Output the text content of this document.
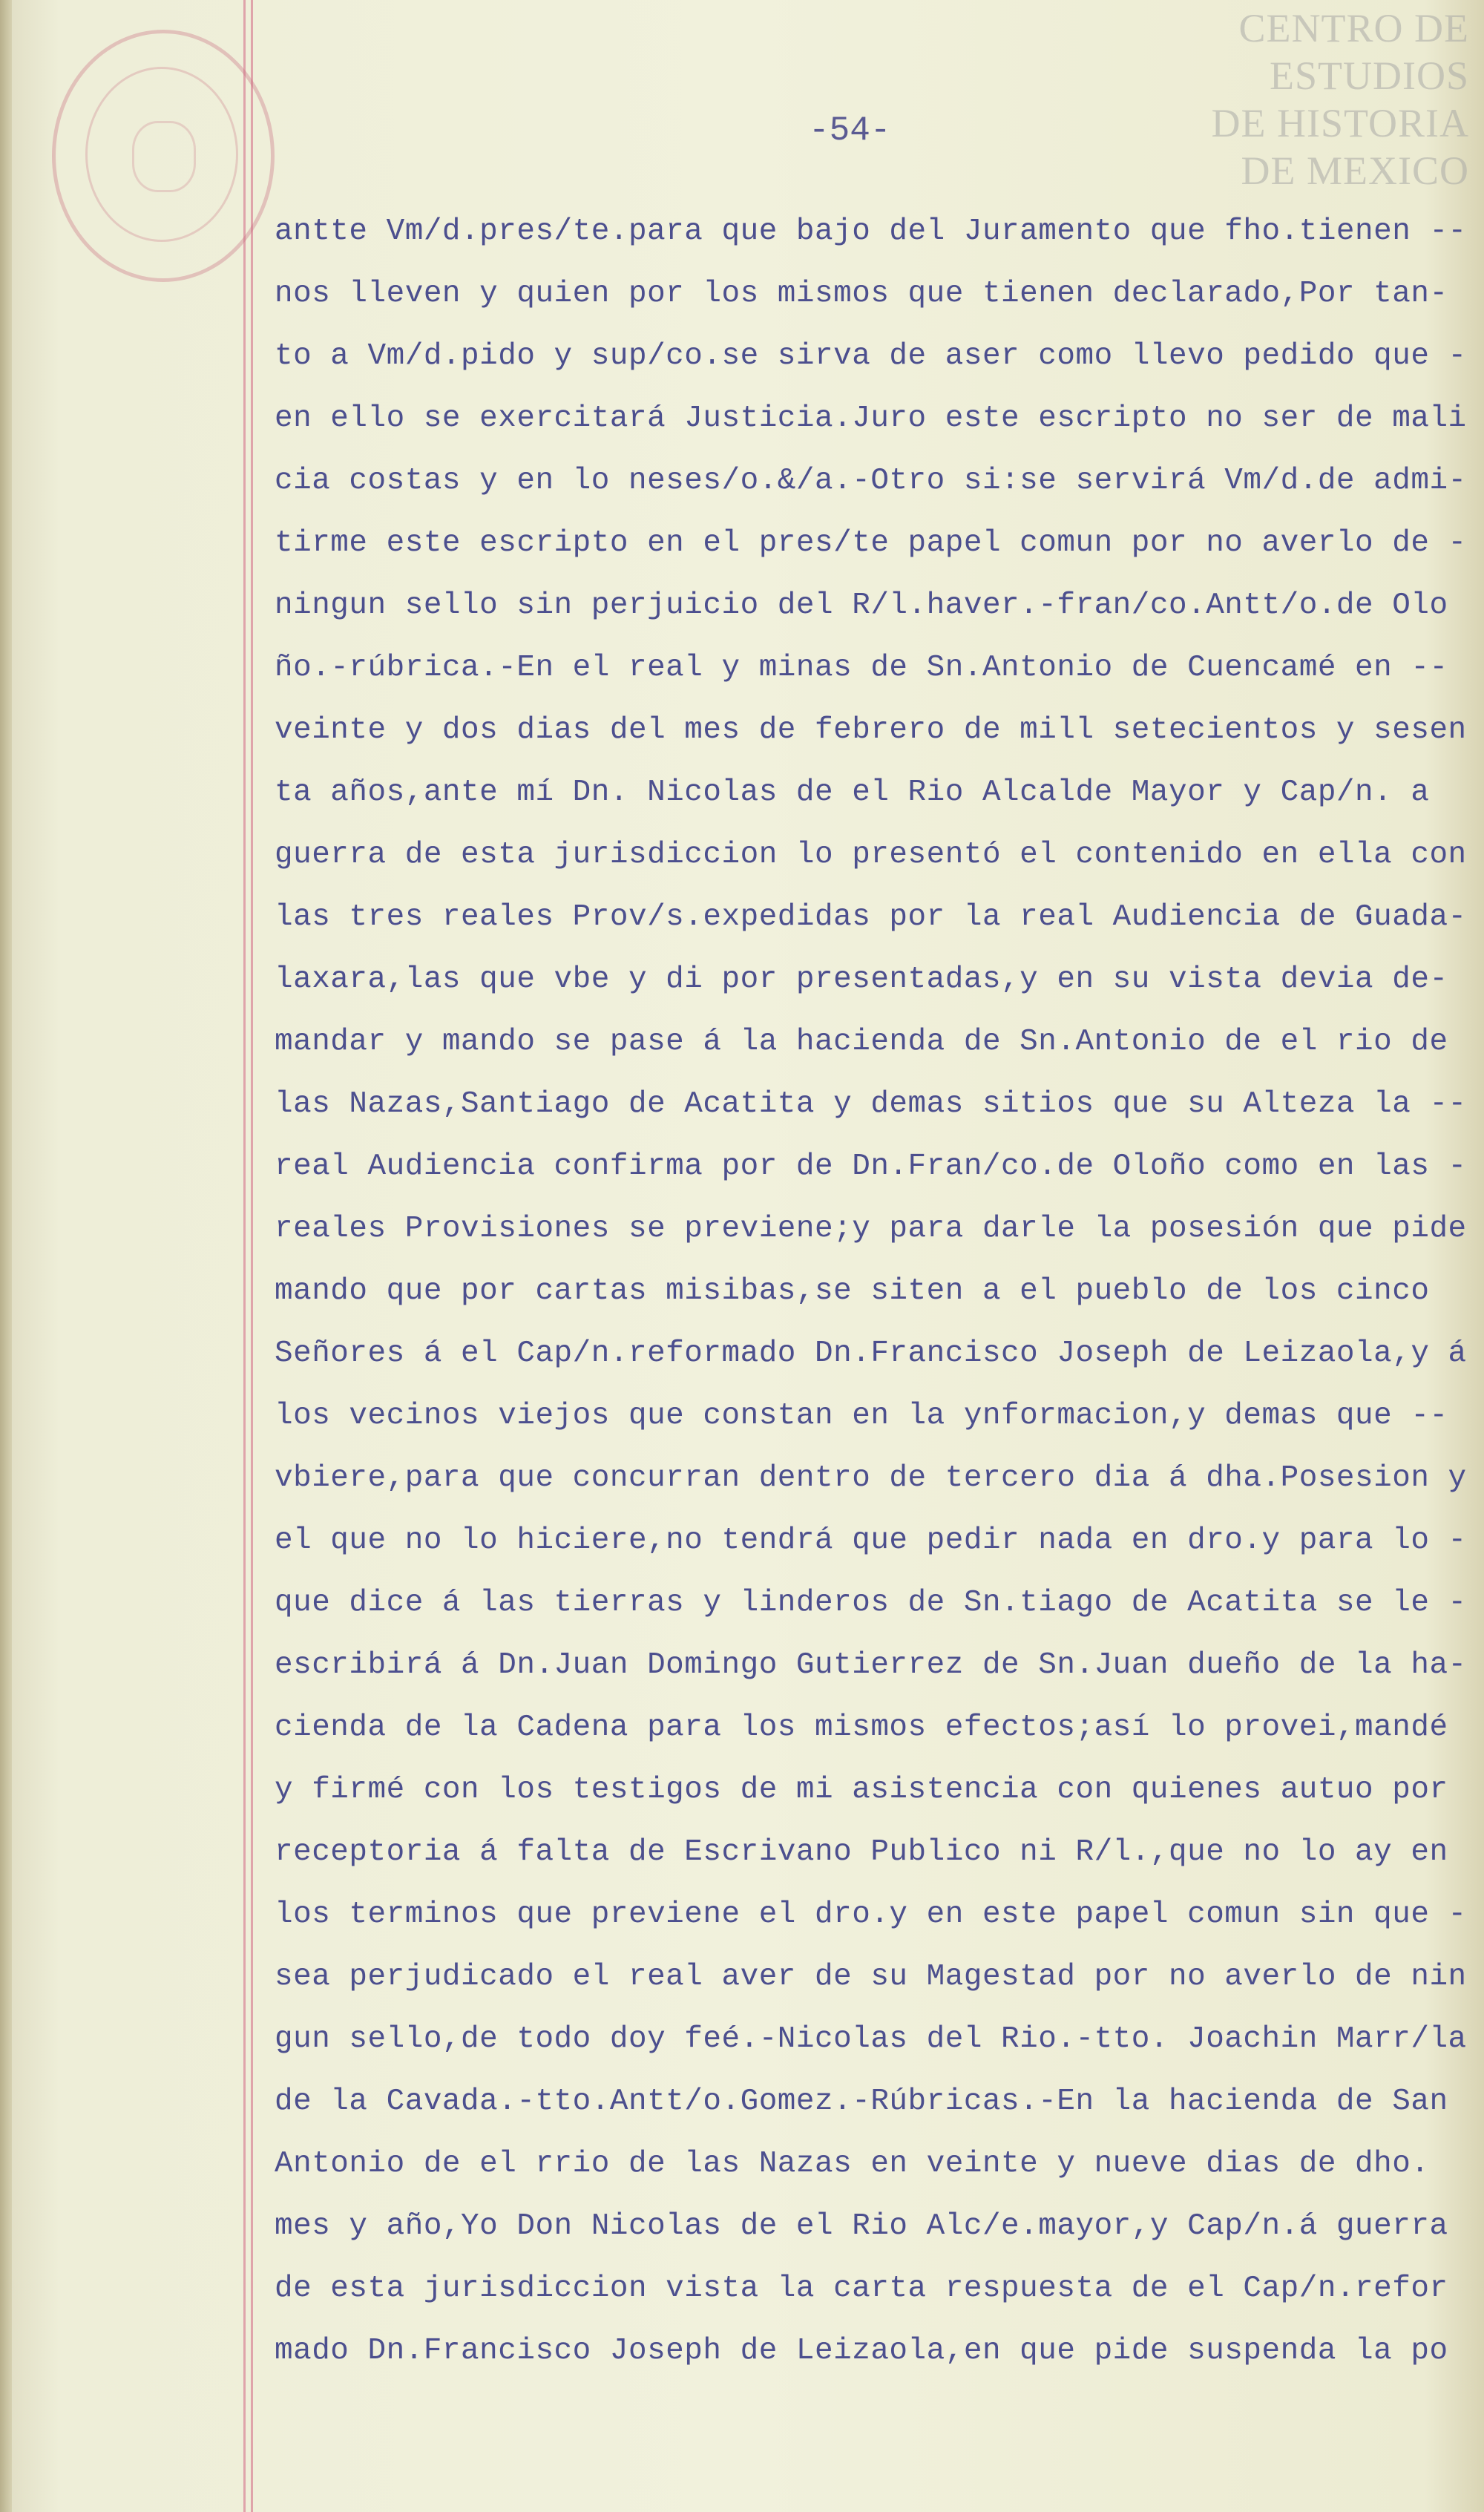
CENTRO DE
ESTUDIOS
DE HISTORIA
DE MEXICO
-54-
antte Vm/d.pres/te.para que bajo del Juramento que fho.tienen --
nos lleven y quien por los mismos que tienen declarado,Por tan-
to a Vm/d.pido y sup/co.se sirva de aser como llevo pedido que -
en ello se exercitará Justicia.Juro este escripto no ser de mali
cia costas y en lo neses/o.&/a.-Otro si:se servirá Vm/d.de admi-
tirme este escripto en el pres/te papel comun por no averlo de -
ningun sello sin perjuicio del R/l.haver.-fran/co.Antt/o.de Olo
ño.-rúbrica.-En el real y minas de Sn.Antonio de Cuencamé en --
veinte y dos dias del mes de febrero de mill setecientos y sesen
ta años,ante mí Dn. Nicolas de el Rio Alcalde Mayor y Cap/n. a
guerra de esta jurisdiccion lo presentó el contenido en ella con
las tres reales Prov/s.expedidas por la real Audiencia de Guada-
laxara,las que vbe y di por presentadas,y en su vista devia de-
mandar y mando se pase á la hacienda de Sn.Antonio de el rio de
las Nazas,Santiago de Acatita y demas sitios que su Alteza la --
real Audiencia confirma por de Dn.Fran/co.de Oloño como en las -
reales Provisiones se previene;y para darle la posesión que pide
mando que por cartas misibas,se siten a el pueblo de los cinco
Señores á el Cap/n.reformado Dn.Francisco Joseph de Leizaola,y á
los vecinos viejos que constan en la ynformacion,y demas que --
vbiere,para que concurran dentro de tercero dia á dha.Posesion y
el que no lo hiciere,no tendrá que pedir nada en dro.y para lo -
que dice á las tierras y linderos de Sn.tiago de Acatita se le -
escribirá á Dn.Juan Domingo Gutierrez de Sn.Juan dueño de la ha-
cienda de la Cadena para los mismos efectos;así lo provei,mandé
y firmé con los testigos de mi asistencia con quienes autuo por
receptoria á falta de Escrivano Publico ni R/l.,que no lo ay en
los terminos que previene el dro.y en este papel comun sin que -
sea perjudicado el real aver de su Magestad por no averlo de nin
gun sello,de todo doy feé.-Nicolas del Rio.-tto. Joachin Marr/la
de la Cavada.-tto.Antt/o.Gomez.-Rúbricas.-En la hacienda de San
Antonio de el rrio de las Nazas en veinte y nueve dias de dho.
mes y año,Yo Don Nicolas de el Rio Alc/e.mayor,y Cap/n.á guerra
de esta jurisdiccion vista la carta respuesta de el Cap/n.refor
mado Dn.Francisco Joseph de Leizaola,en que pide suspenda la po
